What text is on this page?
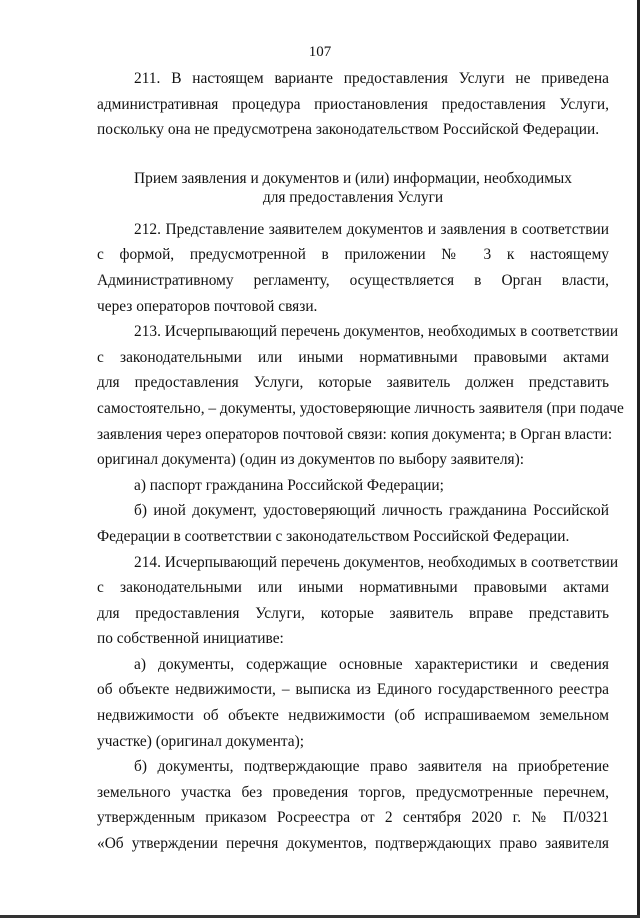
107
211. В настоящем варианте предоставления Услуги не приведена
административная процедура приостановления предоставления Услуги,
поскольку она не предусмотрена законодательством Российской Федерации.
Прием заявления и документов и (или) информации, необходимых
для предоставления Услуги
212. Представление заявителем документов и заявления в соответствии
с формой, предусмотренной в приложении № 3 к настоящему
Административному регламенту, осуществляется в Орган власти,
через операторов почтовой связи.
213. Исчерпывающий перечень документов, необходимых в соответствии
с законодательными или иными нормативными правовыми актами
для предоставления Услуги, которые заявитель должен представить
самостоятельно, – документы, удостоверяющие личность заявителя (при подаче
заявления через операторов почтовой связи: копия документа; в Орган власти:
оригинал документа) (один из документов по выбору заявителя):
а) паспорт гражданина Российской Федерации;
б) иной документ, удостоверяющий личность гражданина Российской
Федерации в соответствии с законодательством Российской Федерации.
214. Исчерпывающий перечень документов, необходимых в соответствии
с законодательными или иными нормативными правовыми актами
для предоставления Услуги, которые заявитель вправе представить
по собственной инициативе:
а) документы, содержащие основные характеристики и сведения
об объекте недвижимости, – выписка из Единого государственного реестра
недвижимости об объекте недвижимости (об испрашиваемом земельном
участке) (оригинал документа);
б) документы, подтверждающие право заявителя на приобретение
земельного участка без проведения торгов, предусмотренные перечнем,
утвержденным приказом Росреестра от 2 сентября 2020 г. № П/0321
«Об утверждении перечня документов, подтверждающих право заявителя
